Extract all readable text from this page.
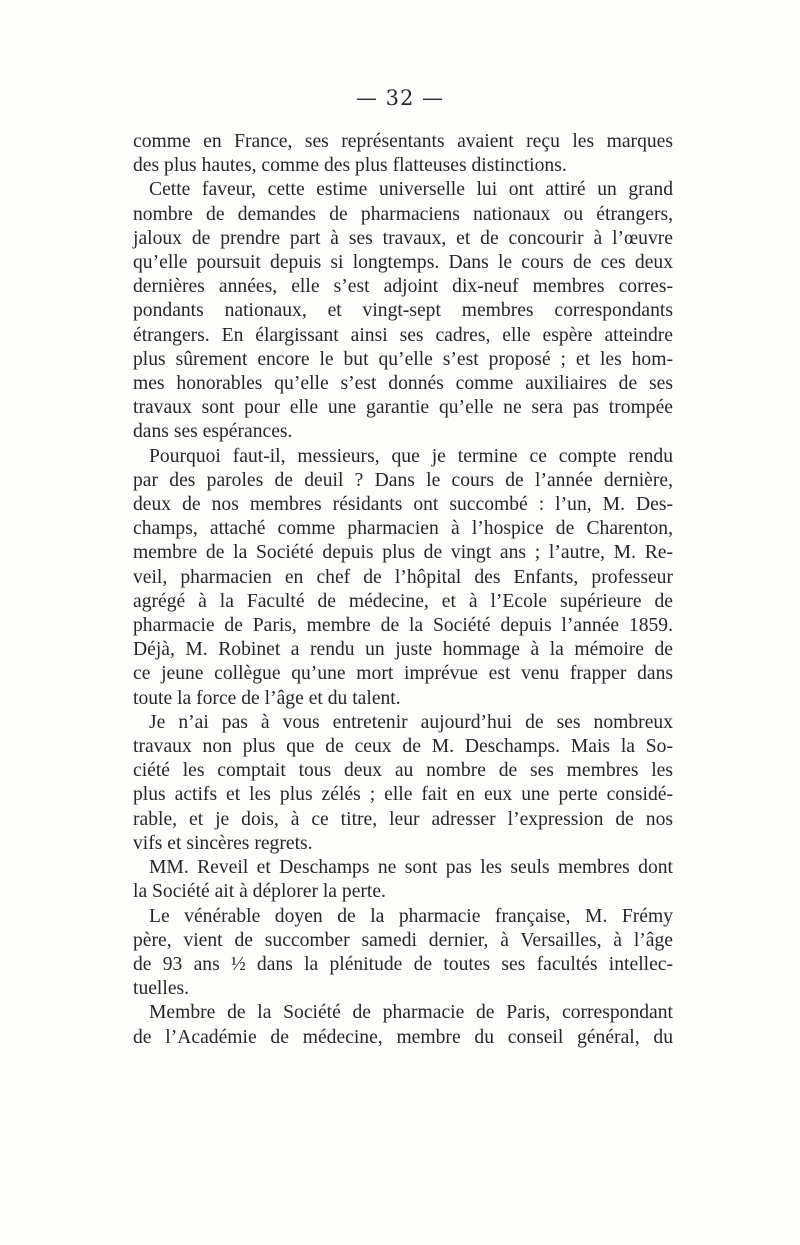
— 32 —
comme en France, ses représentants avaient reçu les marques
des plus hautes, comme des plus flatteuses distinctions.
Cette faveur, cette estime universelle lui ont attiré un grand
nombre de demandes de pharmaciens nationaux ou étrangers,
jaloux de prendre part à ses travaux, et de concourir à l’œuvre
qu’elle poursuit depuis si longtemps. Dans le cours de ces deux
dernières années, elle s’est adjoint dix-neuf membres corres-
pondants nationaux, et vingt-sept membres correspondants
étrangers. En élargissant ainsi ses cadres, elle espère atteindre
plus sûrement encore le but qu’elle s’est proposé ; et les hom-
mes honorables qu’elle s’est donnés comme auxiliaires de ses
travaux sont pour elle une garantie qu’elle ne sera pas trompée
dans ses espérances.
Pourquoi faut-il, messieurs, que je termine ce compte rendu
par des paroles de deuil ? Dans le cours de l’année dernière,
deux de nos membres résidants ont succombé : l’un, M. Des-
champs, attaché comme pharmacien à l’hospice de Charenton,
membre de la Société depuis plus de vingt ans ; l’autre, M. Re-
veil, pharmacien en chef de l’hôpital des Enfants, professeur
agrégé à la Faculté de médecine, et à l’Ecole supérieure de
pharmacie de Paris, membre de la Société depuis l’année 1859.
Déjà, M. Robinet a rendu un juste hommage à la mémoire de
ce jeune collègue qu’une mort imprévue est venu frapper dans
toute la force de l’âge et du talent.
Je n’ai pas à vous entretenir aujourd’hui de ses nombreux
travaux non plus que de ceux de M. Deschamps. Mais la So-
ciété les comptait tous deux au nombre de ses membres les
plus actifs et les plus zélés ; elle fait en eux une perte considé-
rable, et je dois, à ce titre, leur adresser l’expression de nos
vifs et sincères regrets.
MM. Reveil et Deschamps ne sont pas les seuls membres dont
la Société ait à déplorer la perte.
Le vénérable doyen de la pharmacie française, M. Frémy
père, vient de succomber samedi dernier, à Versailles, à l’âge
de 93 ans ½ dans la plénitude de toutes ses facultés intellec-
tuelles.
Membre de la Société de pharmacie de Paris, correspondant
de l’Académie de médecine, membre du conseil général, du
